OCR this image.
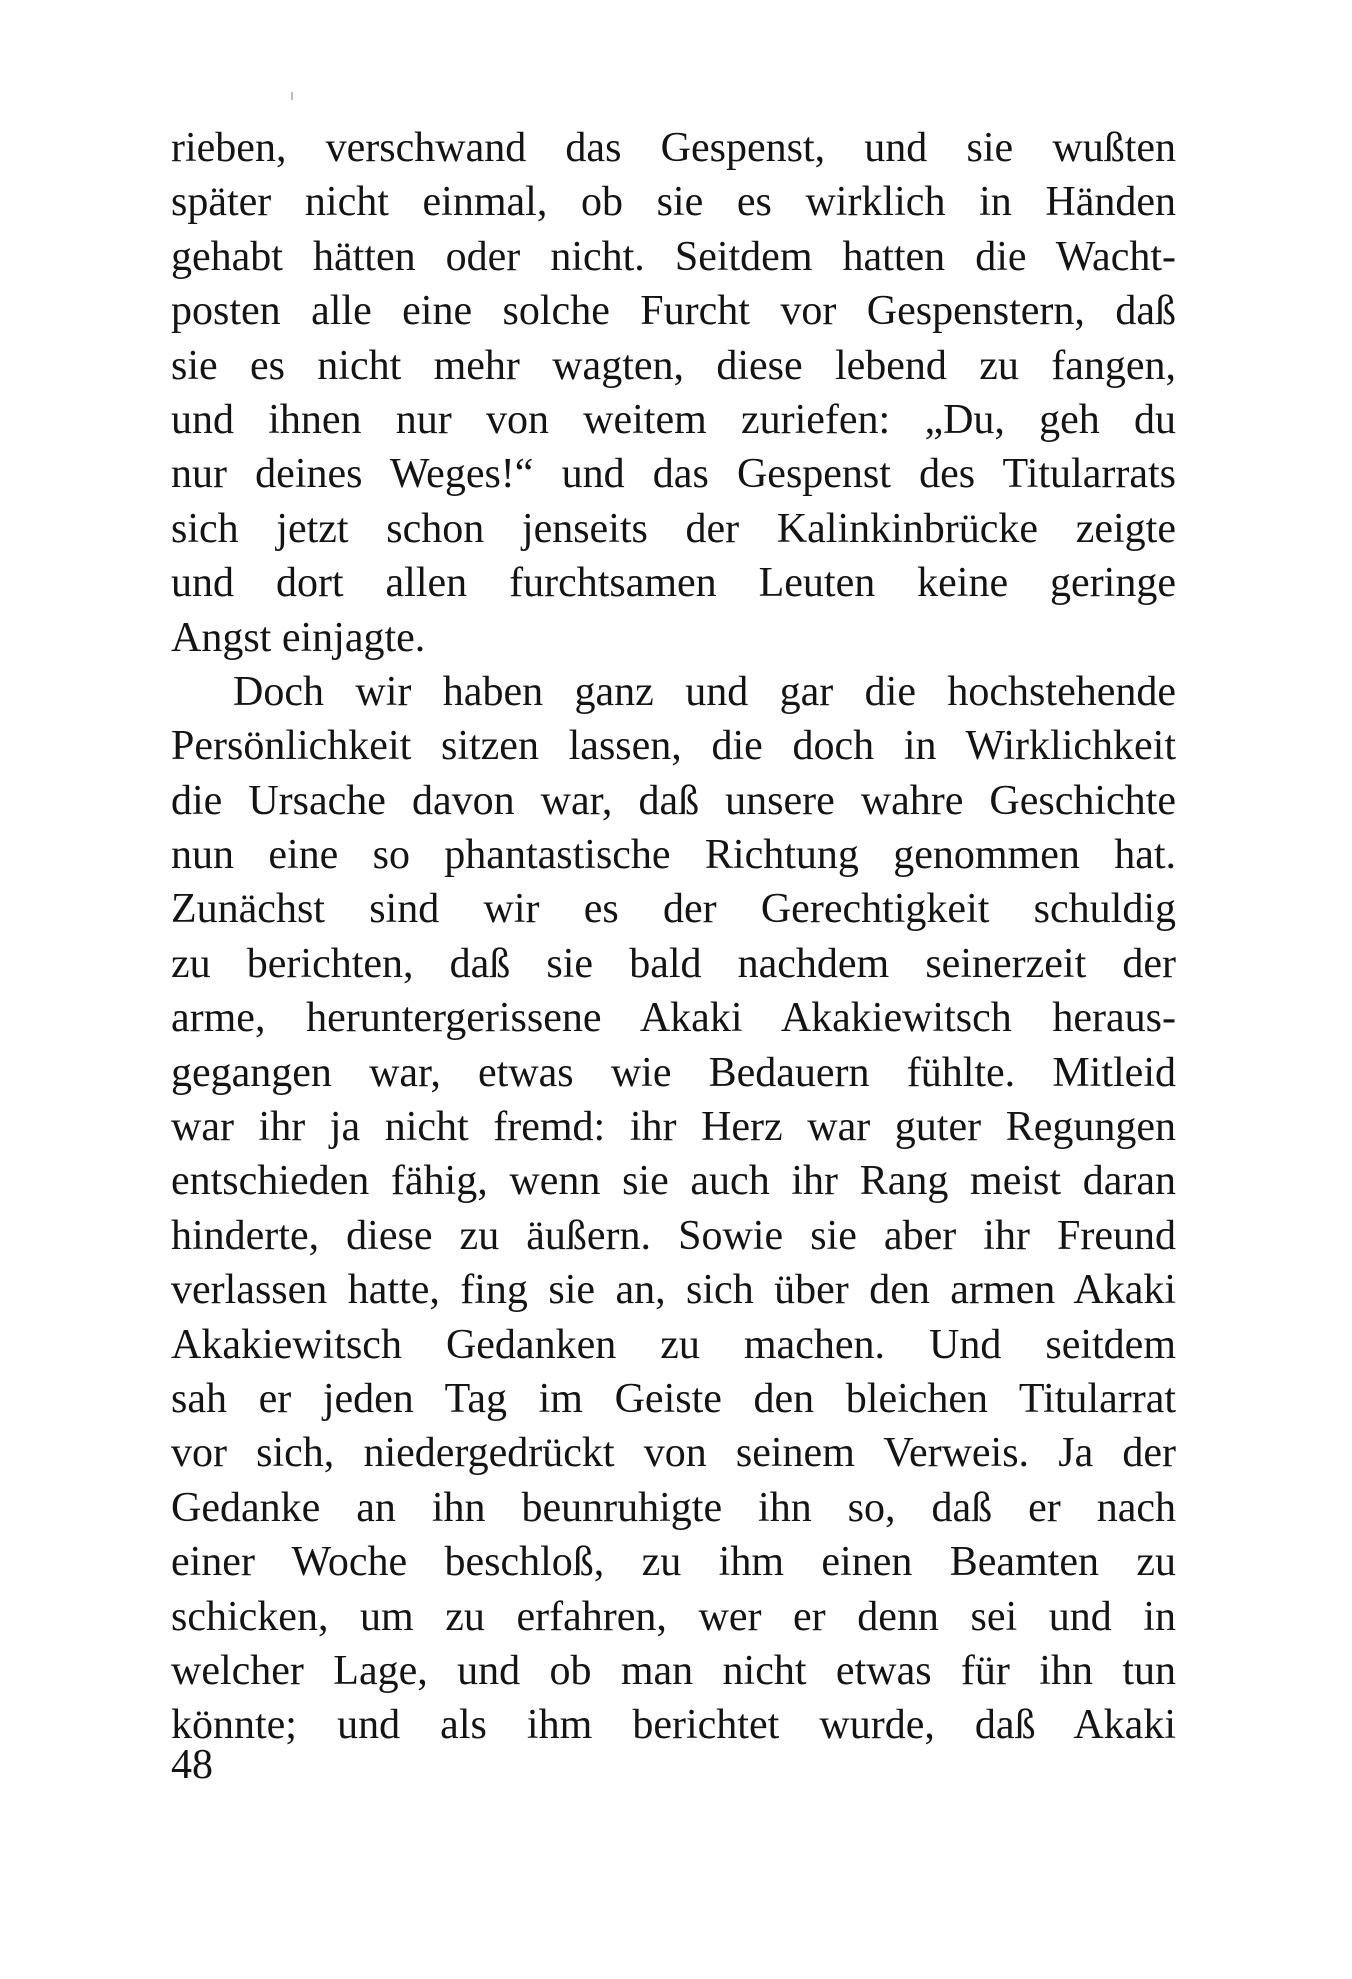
rieben, verschwand das Gespenst, und sie wußten
später nicht einmal, ob sie es wirklich in Händen
gehabt hätten oder nicht. Seitdem hatten die Wacht-
posten alle eine solche Furcht vor Gespenstern, daß
sie es nicht mehr wagten, diese lebend zu fangen,
und ihnen nur von weitem zuriefen: „Du, geh du
nur deines Weges!“ und das Gespenst des Titularrats
sich jetzt schon jenseits der Kalinkinbrücke zeigte
und dort allen furchtsamen Leuten keine geringe
Angst einjagte.
Doch wir haben ganz und gar die hochstehende
Persönlichkeit sitzen lassen, die doch in Wirklichkeit
die Ursache davon war, daß unsere wahre Geschichte
nun eine so phantastische Richtung genommen hat.
Zunächst sind wir es der Gerechtigkeit schuldig
zu berichten, daß sie bald nachdem seinerzeit der
arme, heruntergerissene Akaki Akakiewitsch heraus-
gegangen war, etwas wie Bedauern fühlte. Mitleid
war ihr ja nicht fremd: ihr Herz war guter Regungen
entschieden fähig, wenn sie auch ihr Rang meist daran
hinderte, diese zu äußern. Sowie sie aber ihr Freund
verlassen hatte, fing sie an, sich über den armen Akaki
Akakiewitsch Gedanken zu machen. Und seitdem
sah er jeden Tag im Geiste den bleichen Titularrat
vor sich, niedergedrückt von seinem Verweis. Ja der
Gedanke an ihn beunruhigte ihn so, daß er nach
einer Woche beschloß, zu ihm einen Beamten zu
schicken, um zu erfahren, wer er denn sei und in
welcher Lage, und ob man nicht etwas für ihn tun
könnte; und als ihm berichtet wurde, daß Akaki
48
